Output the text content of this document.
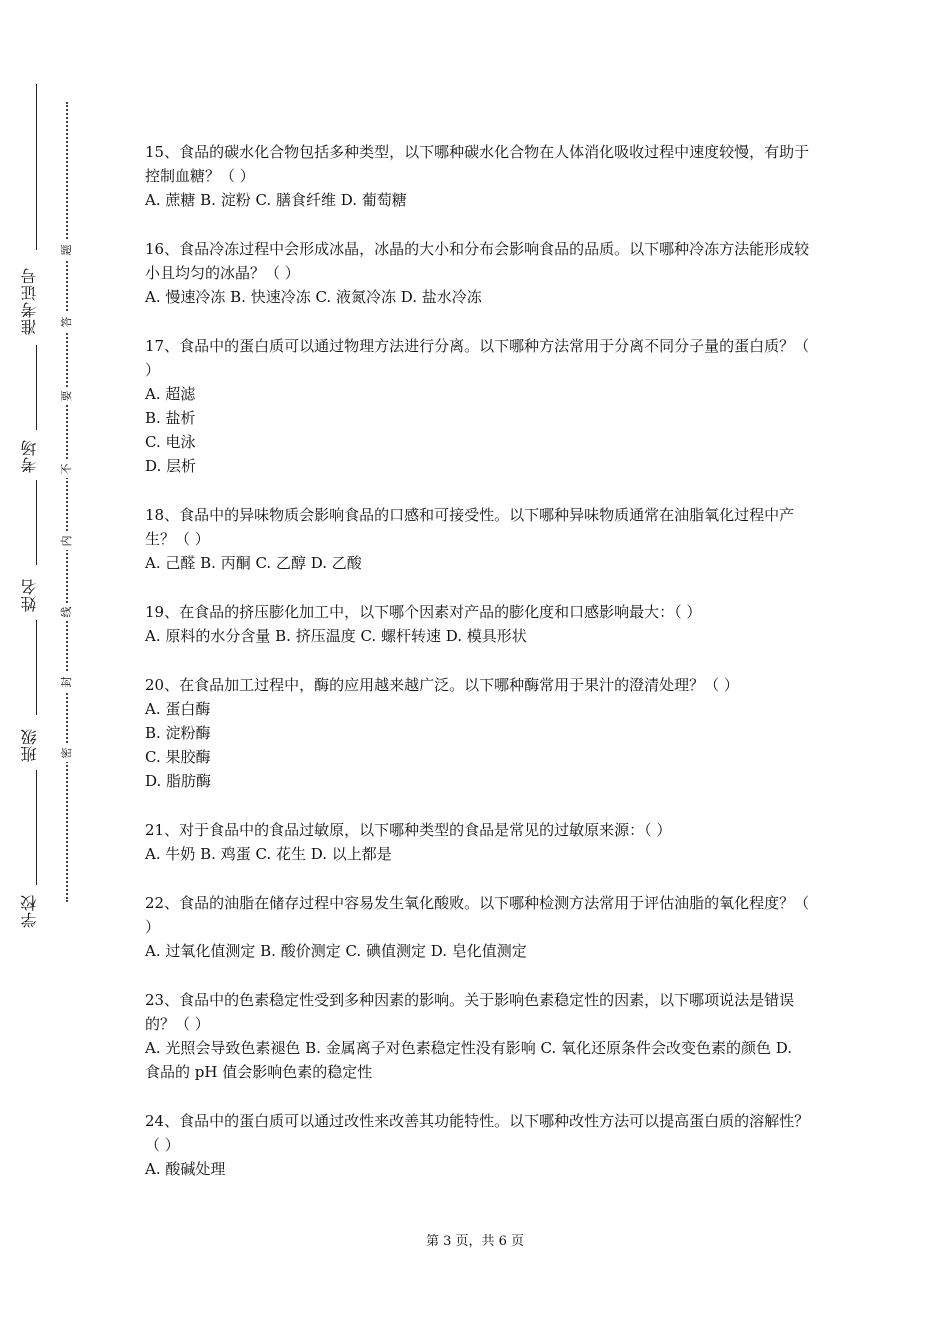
准考证号
考场
姓名
班级
学校
题
答
要
不
内
线
封
密

15、食品的碳水化合物包括多种类型，以下哪种碳水化合物在人体消化吸收过程中速度较慢，有助于控制血糖？（ ）

A. 蔗糖 B. 淀粉 C. 膳食纤维 D. 葡萄糖

16、食品冷冻过程中会形成冰晶，冰晶的大小和分布会影响食品的品质。以下哪种冷冻方法能形成较小且均匀的冰晶？（ ）

A. 慢速冷冻 B. 快速冷冻 C. 液氮冷冻 D. 盐水冷冻

17、食品中的蛋白质可以通过物理方法进行分离。以下哪种方法常用于分离不同分子量的蛋白质？（ ）

A. 超滤

B. 盐析

C. 电泳

D. 层析

18、食品中的异味物质会影响食品的口感和可接受性。以下哪种异味物质通常在油脂氧化过程中产生？（ ）

A. 己醛 B. 丙酮 C. 乙醇 D. 乙酸

19、在食品的挤压膨化加工中，以下哪个因素对产品的膨化度和口感影响最大：（ ）

A. 原料的水分含量 B. 挤压温度 C. 螺杆转速 D. 模具形状

20、在食品加工过程中，酶的应用越来越广泛。以下哪种酶常用于果汁的澄清处理？（ ）

A. 蛋白酶

B. 淀粉酶

C. 果胶酶

D. 脂肪酶

21、对于食品中的食品过敏原，以下哪种类型的食品是常见的过敏原来源：（ ）

A. 牛奶 B. 鸡蛋 C. 花生 D. 以上都是

22、食品的油脂在储存过程中容易发生氧化酸败。以下哪种检测方法常用于评估油脂的氧化程度？（ ）

A. 过氧化值测定 B. 酸价测定 C. 碘值测定 D. 皂化值测定

23、食品中的色素稳定性受到多种因素的影响。关于影响色素稳定性的因素，以下哪项说法是错误的？（ ）

A. 光照会导致色素褪色 B. 金属离子对色素稳定性没有影响 C. 氧化还原条件会改变色素的颜色 D. 食品的 pH 值会影响色素的稳定性

24、食品中的蛋白质可以通过改性来改善其功能特性。以下哪种改性方法可以提高蛋白质的溶解性？（ ）

A. 酸碱处理

第 3 页，共 6 页
